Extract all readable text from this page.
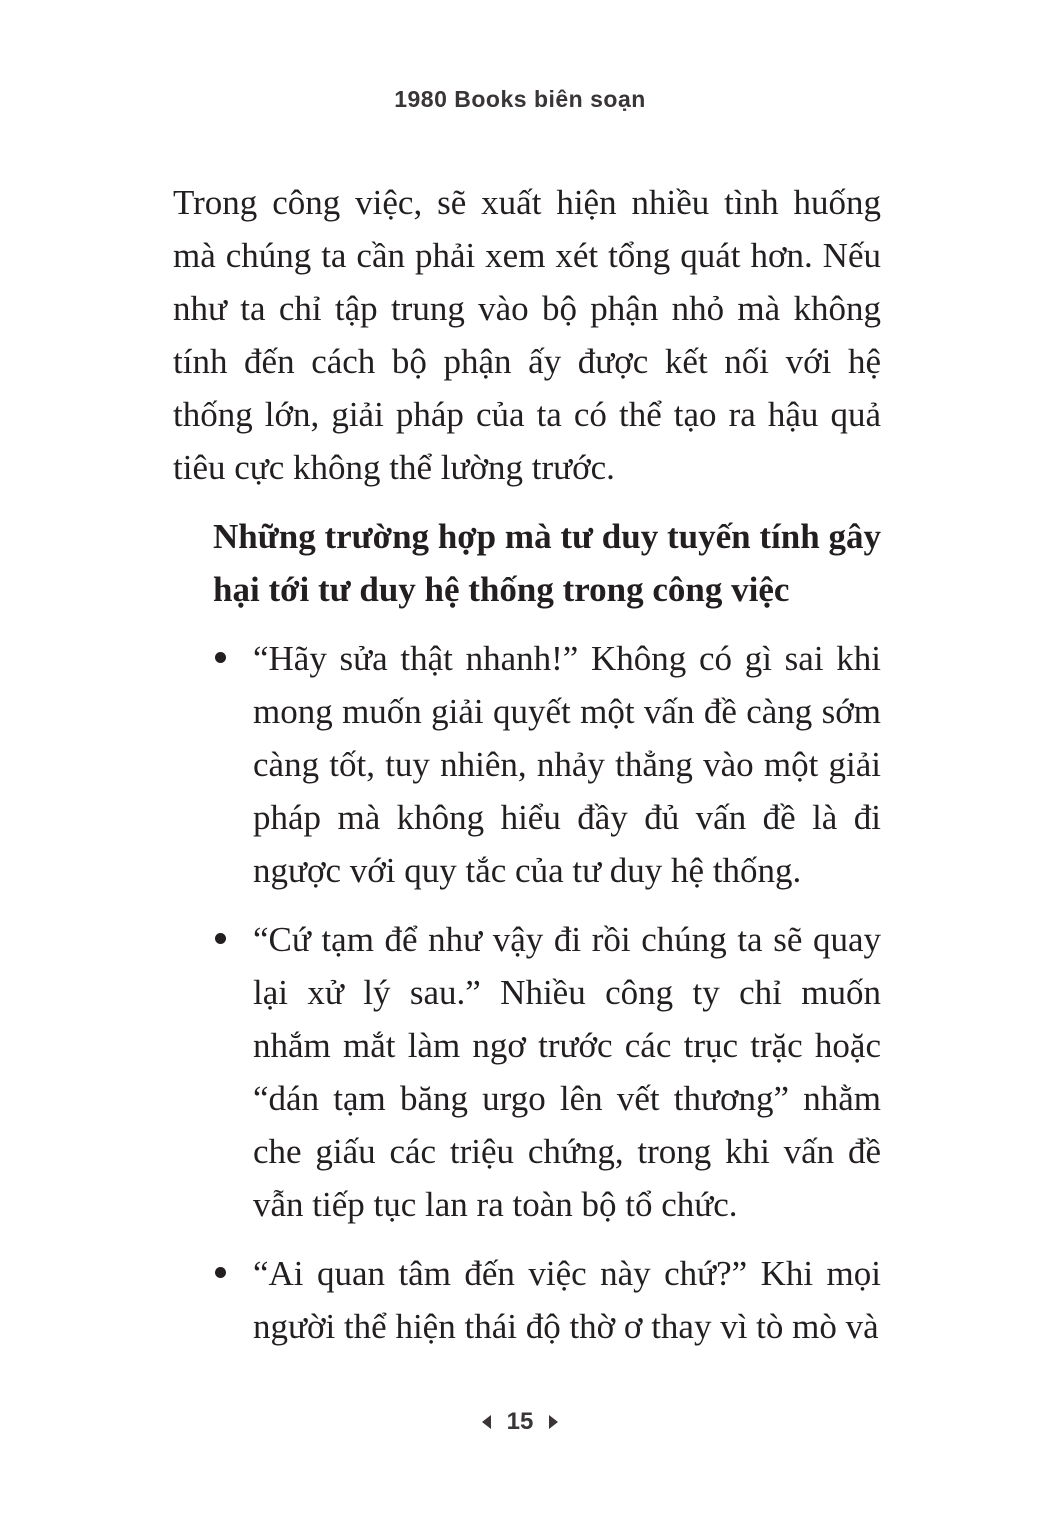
1980 Books biên soạn

Trong công việc, sẽ xuất hiện nhiều tình huống mà chúng ta cần phải xem xét tổng quát hơn. Nếu như ta chỉ tập trung vào bộ phận nhỏ mà không tính đến cách bộ phận ấy được kết nối với hệ thống lớn, giải pháp của ta có thể tạo ra hậu quả tiêu cực không thể lường trước.

Những trường hợp mà tư duy tuyến tính gây hại tới tư duy hệ thống trong công việc

“Hãy sửa thật nhanh!” Không có gì sai khi mong muốn giải quyết một vấn đề càng sớm càng tốt, tuy nhiên, nhảy thẳng vào một giải pháp mà không hiểu đầy đủ vấn đề là đi ngược với quy tắc của tư duy hệ thống.
“Cứ tạm để như vậy đi rồi chúng ta sẽ quay lại xử lý sau.” Nhiều công ty chỉ muốn nhắm mắt làm ngơ trước các trục trặc hoặc “dán tạm băng urgo lên vết thương” nhằm che giấu các triệu chứng, trong khi vấn đề vẫn tiếp tục lan ra toàn bộ tổ chức.
“Ai quan tâm đến việc này chứ?” Khi mọi người thể hiện thái độ thờ ơ thay vì tò mò và
15
